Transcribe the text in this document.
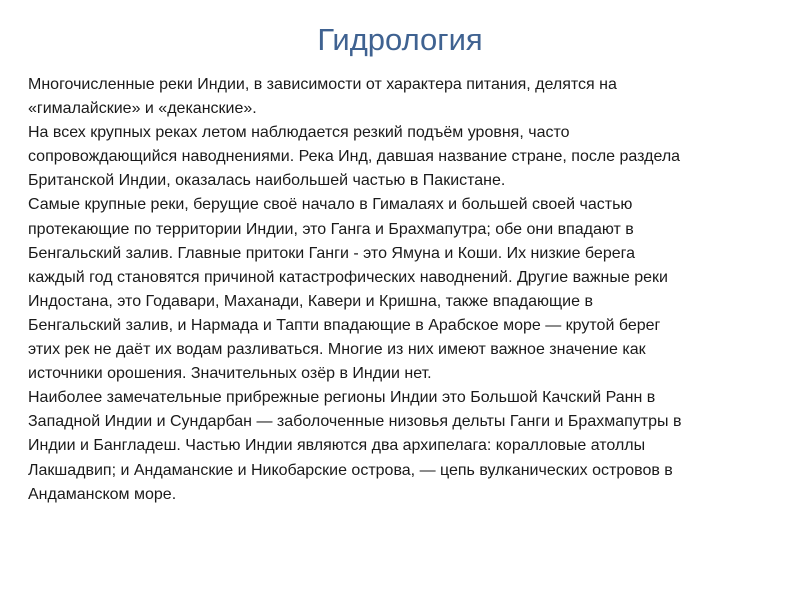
Гидрология
Многочисленные реки Индии, в зависимости от характера питания, делятся на
«гималайские» и «деканские».
На всех крупных реках летом наблюдается резкий подъём уровня, часто
сопровождающийся наводнениями. Река Инд, давшая название стране, после раздела
Британской Индии, оказалась наибольшей частью в Пакистане.
Самые крупные реки, берущие своё начало в Гималаях и большей своей частью
протекающие по территории Индии, это Ганга и Брахмапутра; обе они впадают в
Бенгальский залив. Главные притоки Ганги - это Ямуна и Коши. Их низкие берега
каждый год становятся причиной катастрофических наводнений. Другие важные реки
Индостана, это Годавари, Маханади, Кавери и Кришна, также впадающие в
Бенгальский залив, и Нармада и Тапти впадающие в Арабское море — крутой берег
этих рек не даёт их водам разливаться. Многие из них имеют важное значение как
источники орошения. Значительных озёр в Индии нет.
Наиболее замечательные прибрежные регионы Индии это Большой Качский Ранн в
Западной Индии и Сундарбан — заболоченные низовья дельты Ганги и Брахмапутры в
Индии и Бангладеш. Частью Индии являются два архипелага: коралловые атоллы
Лакшадвип; и Андаманские и Никобарские острова, — цепь вулканических островов в
Андаманском море.
